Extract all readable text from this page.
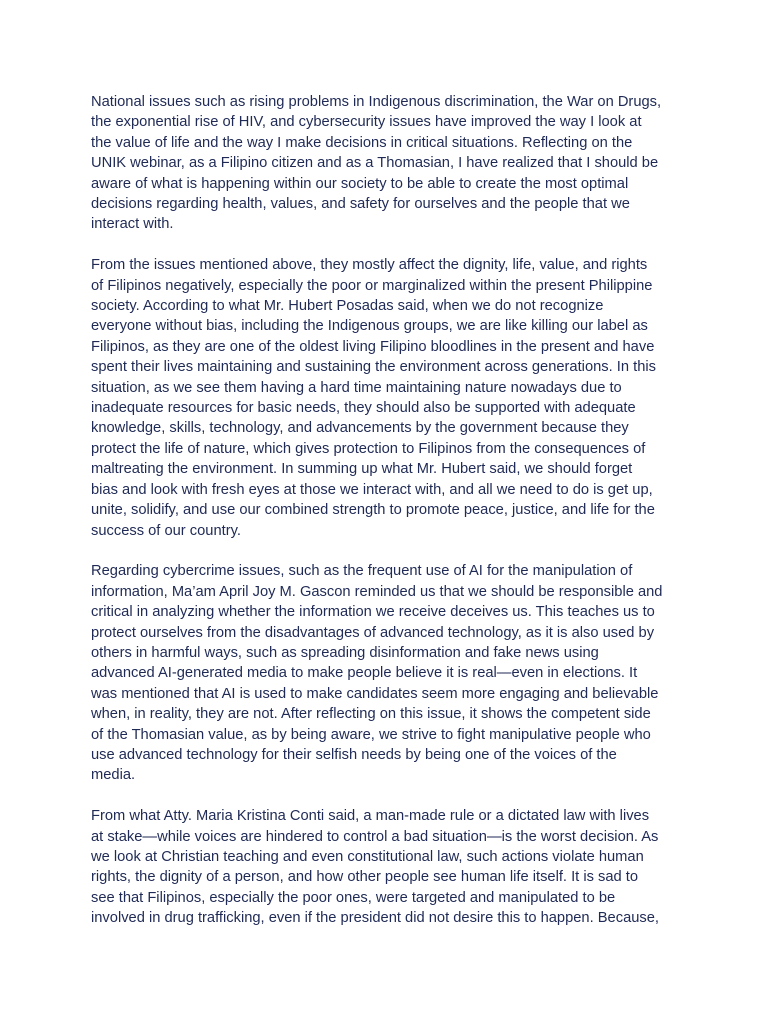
National issues such as rising problems in Indigenous discrimination, the War on Drugs,
the exponential rise of HIV, and cybersecurity issues have improved the way I look at
the value of life and the way I make decisions in critical situations. Reflecting on the
UNIK webinar, as a Filipino citizen and as a Thomasian, I have realized that I should be
aware of what is happening within our society to be able to create the most optimal
decisions regarding health, values, and safety for ourselves and the people that we
interact with.

From the issues mentioned above, they mostly affect the dignity, life, value, and rights
of Filipinos negatively, especially the poor or marginalized within the present Philippine
society. According to what Mr. Hubert Posadas said, when we do not recognize
everyone without bias, including the Indigenous groups, we are like killing our label as
Filipinos, as they are one of the oldest living Filipino bloodlines in the present and have
spent their lives maintaining and sustaining the environment across generations. In this
situation, as we see them having a hard time maintaining nature nowadays due to
inadequate resources for basic needs, they should also be supported with adequate
knowledge, skills, technology, and advancements by the government because they
protect the life of nature, which gives protection to Filipinos from the consequences of
maltreating the environment. In summing up what Mr. Hubert said, we should forget
bias and look with fresh eyes at those we interact with, and all we need to do is get up,
unite, solidify, and use our combined strength to promote peace, justice, and life for the
success of our country.

Regarding cybercrime issues, such as the frequent use of AI for the manipulation of
information, Ma’am April Joy M. Gascon reminded us that we should be responsible and
critical in analyzing whether the information we receive deceives us. This teaches us to
protect ourselves from the disadvantages of advanced technology, as it is also used by
others in harmful ways, such as spreading disinformation and fake news using
advanced AI-generated media to make people believe it is real—even in elections. It
was mentioned that AI is used to make candidates seem more engaging and believable
when, in reality, they are not. After reflecting on this issue, it shows the competent side
of the Thomasian value, as by being aware, we strive to fight manipulative people who
use advanced technology for their selfish needs by being one of the voices of the
media.

From what Atty. Maria Kristina Conti said, a man-made rule or a dictated law with lives
at stake—while voices are hindered to control a bad situation—is the worst decision. As
we look at Christian teaching and even constitutional law, such actions violate human
rights, the dignity of a person, and how other people see human life itself. It is sad to
see that Filipinos, especially the poor ones, were targeted and manipulated to be
involved in drug trafficking, even if the president did not desire this to happen. Because,
